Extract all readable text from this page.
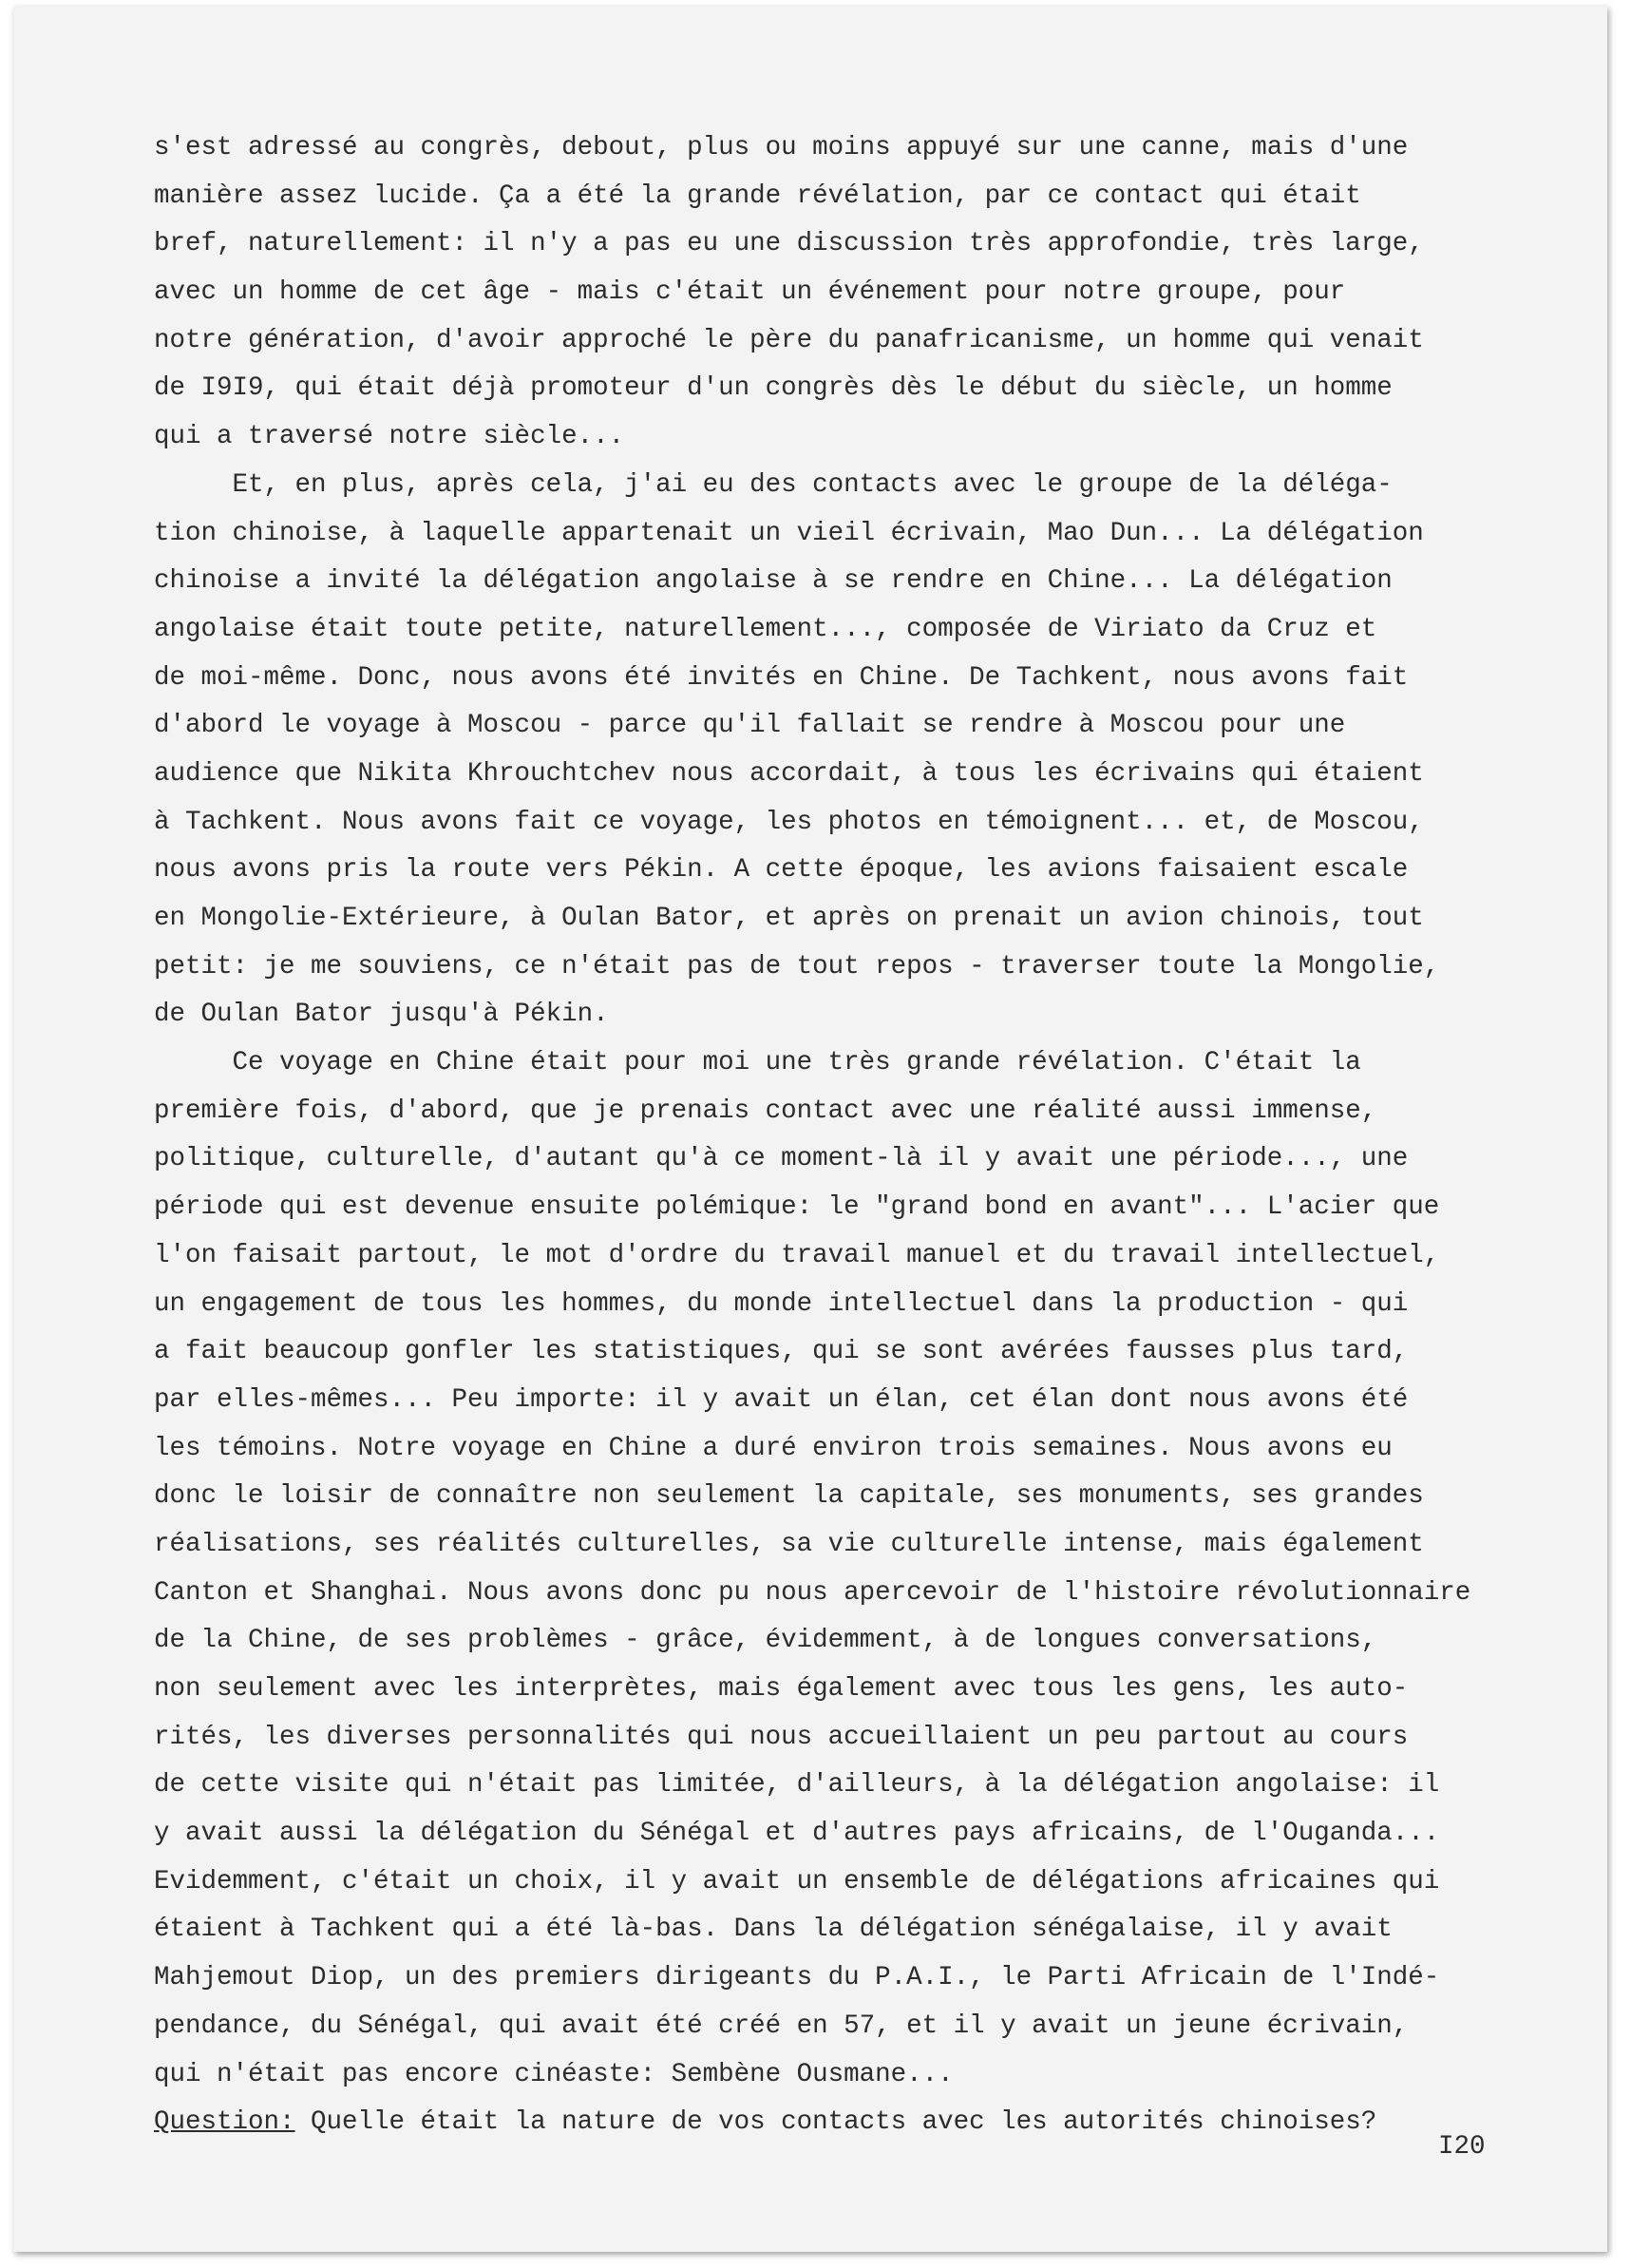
s'est adressé au congrès, debout, plus ou moins appuyé sur une canne, mais d'une
manière assez lucide. Ça a été la grande révélation, par ce contact qui était
bref, naturellement: il n'y a pas eu une discussion très approfondie, très large,
avec un homme de cet âge - mais c'était un événement pour notre groupe, pour
notre génération, d'avoir approché le père du panafricanisme, un homme qui venait
de I9I9, qui était déjà promoteur d'un congrès dès le début du siècle, un homme
qui a traversé notre siècle...
Et, en plus, après cela, j'ai eu des contacts avec le groupe de la déléga-
tion chinoise, à laquelle appartenait un vieil écrivain, Mao Dun... La délégation
chinoise a invité la délégation angolaise à se rendre en Chine... La délégation
angolaise était toute petite, naturellement..., composée de Viriato da Cruz et
de moi-même. Donc, nous avons été invités en Chine. De Tachkent, nous avons fait
d'abord le voyage à Moscou - parce qu'il fallait se rendre à Moscou pour une
audience que Nikita Khrouchtchev nous accordait, à tous les écrivains qui étaient
à Tachkent. Nous avons fait ce voyage, les photos en témoignent... et, de Moscou,
nous avons pris la route vers Pékin. A cette époque, les avions faisaient escale
en Mongolie-Extérieure, à Oulan Bator, et après on prenait un avion chinois, tout
petit: je me souviens, ce n'était pas de tout repos - traverser toute la Mongolie,
de Oulan Bator jusqu'à Pékin.
Ce voyage en Chine était pour moi une très grande révélation. C'était la
première fois, d'abord, que je prenais contact avec une réalité aussi immense,
politique, culturelle, d'autant qu'à ce moment-là il y avait une période..., une
période qui est devenue ensuite polémique: le "grand bond en avant"... L'acier que
l'on faisait partout, le mot d'ordre du travail manuel et du travail intellectuel,
un engagement de tous les hommes, du monde intellectuel dans la production - qui
a fait beaucoup gonfler les statistiques, qui se sont avérées fausses plus tard,
par elles-mêmes... Peu importe: il y avait un élan, cet élan dont nous avons été
les témoins. Notre voyage en Chine a duré environ trois semaines. Nous avons eu
donc le loisir de connaître non seulement la capitale, ses monuments, ses grandes
réalisations, ses réalités culturelles, sa vie culturelle intense, mais également
Canton et Shanghai. Nous avons donc pu nous apercevoir de l'histoire révolutionnaire
de la Chine, de ses problèmes - grâce, évidemment, à de longues conversations,
non seulement avec les interprètes, mais également avec tous les gens, les auto-
rités, les diverses personnalités qui nous accueillaient un peu partout au cours
de cette visite qui n'était pas limitée, d'ailleurs, à la délégation angolaise: il
y avait aussi la délégation du Sénégal et d'autres pays africains, de l'Ouganda...
Evidemment, c'était un choix, il y avait un ensemble de délégations africaines qui
étaient à Tachkent qui a été là-bas. Dans la délégation sénégalaise, il y avait
Mahjemout Diop, un des premiers dirigeants du P.A.I., le Parti Africain de l'Indé-
pendance, du Sénégal, qui avait été créé en 57, et il y avait un jeune écrivain,
qui n'était pas encore cinéaste: Sembène Ousmane...
Question: Quelle était la nature de vos contacts avec les autorités chinoises?
I20
